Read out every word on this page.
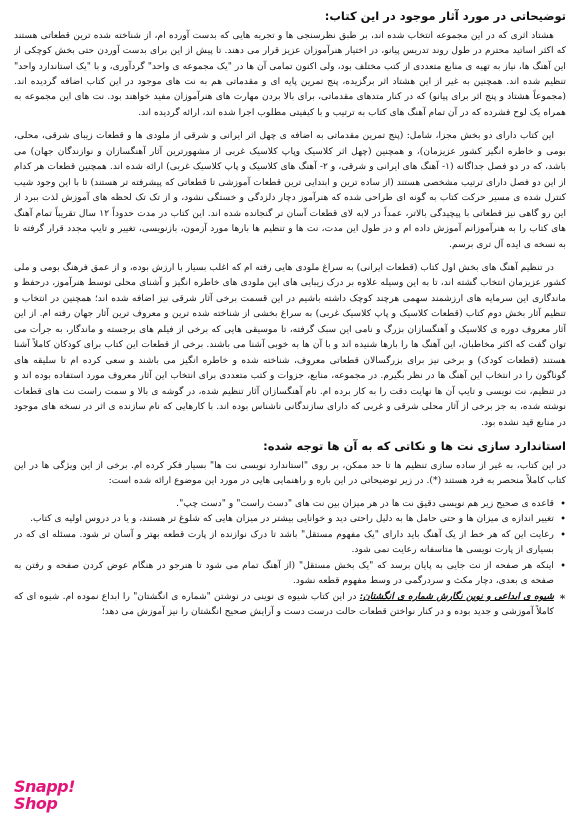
توضیحاتی در مورد آثار موجود در این کتاب:

هشتاد اثری که در این مجموعه انتخاب شده اند، بر طبق نظرسنجی ها و تجربه هایی که بدست آورده ام، از شناخته شده ترین قطعاتی هستند که اکثر اساتید محترم در طول روند تدریس پیانو، در اختیار هنرآموزان عزیز قرار می دهند. تا پیش از این برای بدست آوردن حتی بخش کوچکی از این آهنگ ها، نیاز به تهیه ی منابع متعددی از کتب مختلف بود، ولی اکنون تمامی آن ها در "یک مجموعه ی واحد" گردآوری، و با "یک استاندارد واحد" تنظیم شده اند. همچنین به غیر از این هشتاد اثر برگزیده، پنج تمرین پایه ای و مقدماتی هم به نت های موجود در این کتاب اضافه گردیده اند. (مجموعاً هشتاد و پنج اثر برای پیانو) که در کنار متدهای مقدماتی، برای بالا بردن مهارت های هنرآموزان مفید خواهند بود. نت های این مجموعه به همراه یک لوح فشرده که در آن تمام آهنگ های کتاب به ترتیب و با کیفیتی مطلوب اجرا شده اند، ارائه گردیده اند.

این کتاب دارای دو بخش مجزا، شامل: (پنج تمرین مقدماتی به اضافه ی چهل اثر ایرانی و شرقی از ملودی ها و قطعات زیبای شرقی، محلی، بومی و خاطره انگیز کشور عزیزمان)، و همچنین (چهل اثر کلاسیک وپاپ کلاسیک غربی از مشهورترین آثار آهنگسازان و نوازندگان جهان) می باشد، که در دو فصل جداگانه (۱- آهنگ های ایرانی و شرقی، و ۲- آهنگ های کلاسیک و پاپ کلاسیک غربی) ارائه شده اند. همچنین قطعات هر کدام از این دو فصل دارای ترتیب مشخصی هستند (از ساده ترین و ابتدایی ترین قطعات آموزشی تا قطعاتی که پیشرفته تر هستند) تا با این وجود شیب کنترل شده ی مسیر حرکت کتاب به گونه ای طراحی شده که هنرآموز دچار دلزدگی و خستگی نشود، و از تک تک لحظه های آموزش لذت ببرد از این رو گاهی نیز قطعاتی با پیچیدگی بالاتر، عمداً در لابه لای قطعات آسان تر گنجانده شده اند. این کتاب در مدت حدوداً ۱۲ سال تقریباً تمام آهنگ های کتاب را به هنرآموزانم آموزش داده ام و در طول این مدت، نت ها و تنظیم ها بارها مورد آزمون، بازنویسی، تغییر و تایپ مجدد قرار گرفته تا به نسخه ی ایده آل تری برسم.

در تنظیم آهنگ های بخش اول کتاب (قطعات ایرانی) به سراغ ملودی هایی رفته ام که اغلب بسیار با ارزش بوده، و از عمق فرهنگ بومی و ملی کشور عزیزمان انتخاب گشته اند، تا به این وسیله علاوه بر درک زیبایی های این ملودی های خاطره انگیز و آشنای محلی توسط هنرآموز، درحفظ و ماندگاری این سرمایه های ارزشمند سهمی هرچند کوچک داشته باشیم در این قسمت برخی آثار شرقی نیز اضافه شده اند؛ همچنین در انتخاب و تنظیم آثار بخش دوم کتاب (قطعات کلاسیک و پاپ کلاسیک غربی) به سراغ بخشی از شناخته شده ترین و معروف ترین آثار جهان رفته ام. از این آثار معروف دوره ی کلاسیک و آهنگسازان بزرگ و نامی این سبک گرفته، تا موسیقی هایی که برخی از فیلم های برجسته و ماندگار، به جرأت می توان گفت که اکثر مخاطبان، این آهنگ ها را بارها شنیده اند و با آن ها به خوبی آشنا می باشند. برخی از قطعات این کتاب برای کودکان کاملاً آشنا هستند (قطعات کودک) و برخی نیز برای بزرگسالان قطعاتی معروف، شناخته شده و خاطره انگیز می باشند و سعی کرده ام تا سلیقه های گوناگون را در انتخاب این آهنگ ها در نظر بگیرم. در مجموعه، منابع، جزوات و کتب متعددی برای انتخاب این آثار معروف مورد استفاده بوده اند و در تنظیم، نت نویسی و تایپ آن ها نهایت دقت را به کار برده ام. نام آهنگسازان آثار تنظیم شده، در گوشه ی بالا و سمت راست نت های قطعات نوشته شده، به جز برخی از آثار محلی شرقی و غربی که دارای سازندگانی ناشناس بوده اند. با کارهایی که نام سازنده ی اثر در نسخه های موجود در منابع قید نشده بود.

استاندارد سازی نت ها و نکاتی که به آن ها توجه شده:

در این کتاب، به غیر از ساده سازی تنظیم ها تا حد ممکن، بر روی "استاندارد نویسی نت ها" بسیار فکر کرده ام. برخی از این ویژگی ها در این کتاب کاملاً منحصر به فرد هستند (*). در زیر توضیحاتی در این باره و راهنمایی هایی در مورد این موضوع ارائه شده است:

• قاعده ی صحیح زیر هم نویسی دقیق نت ها در هر میزان بین نت های "دست راست" و "دست چپ".
• تغییر اندازه ی میزان ها و حتی حامل ها به دلیل راحتی دید و خوانایی بیشتر در میزان هایی که شلوغ تر هستند، و یا در دروس اولیه ی کتاب.
• رعایت این که هر خط از یک آهنگ باید دارای "یک مفهوم مستقل" باشد تا درک نوازنده از پارت قطعه بهتر و آسان تر شود. مسئله ای که در بسیاری از پارت نویسی ها متاسفانه رعایت نمی شود.
• اینکه هر صفحه از نت جایی به پایان برسد که "یک بخش مستقل" (از آهنگ تمام می شود تا هنرجو در هنگام عوض کردن صفحه و رفتن به صفحه ی بعدی، دچار مکث و سردرگمی در وسط مفهوم قطعه نشود.
∗ شیوه ی ابداعی و نوین نگارش شماره ی انگشتان: در این کتاب شیوه ی نوینی در نوشتن "شماره ی انگشتان" را ابداع نموده ام. شیوه ای که کاملاً آموزشی و جدید بوده و در کنار نواختن قطعات حالت درست دست و آرایش صحیح انگشتان را نیز آموزش می دهد؛
Snapp!
Shop
